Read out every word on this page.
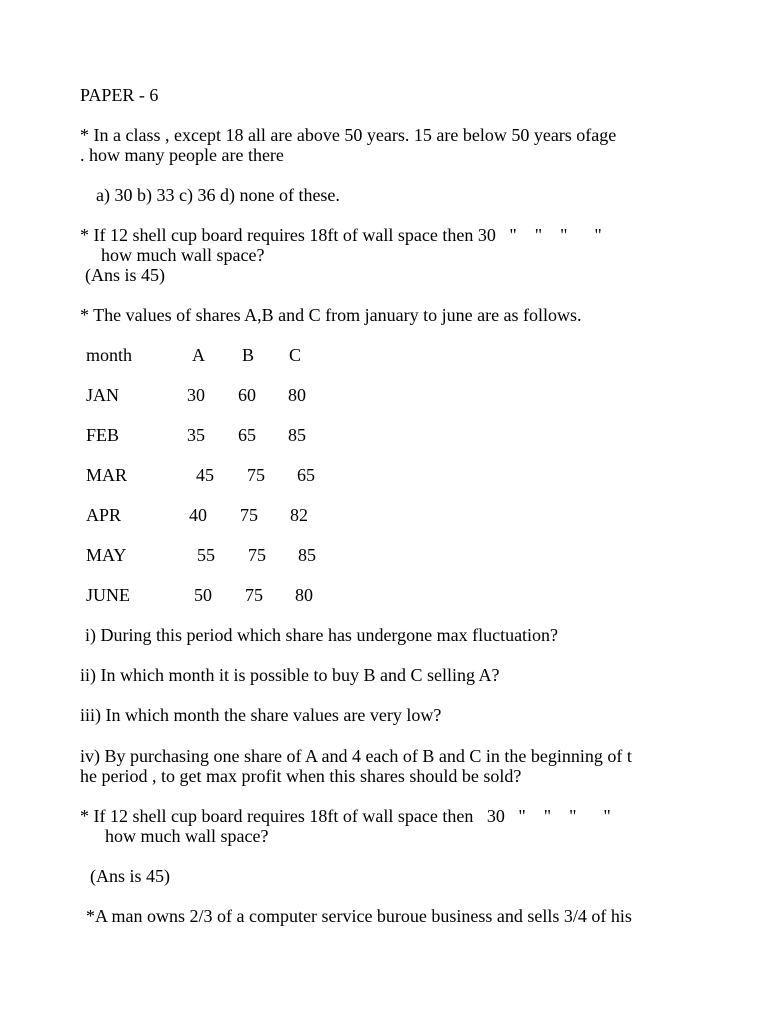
PAPER - 6

* In a class , except 18 all are above 50 years. 15 are below 50 years ofage

. how many people are there

a) 30 b) 33 c) 36 d) none of these.

* If 12 shell cup board requires 18ft of wall space then 30   "    "    "      "

how much wall space?

(Ans is 45)

* The values of shares A,B and C from january to june are as follows.

month	A B C
JAN	30 60 80
FEB	35 65 85
MAR	45 75 65
APR	40 75 82
MAY	55 75 85
JUNE	50 75 80

i) During this period which share has undergone max fluctuation?

ii) In which month it is possible to buy B and C selling A?

iii) In which month the share values are very low?

iv) By purchasing one share of A and 4 each of B and C in the beginning of t

he period , to get max profit when this shares should be sold?

* If 12 shell cup board requires 18ft of wall space then   30   "    "    "      "

how much wall space?

(Ans is 45)

*A man owns 2/3 of a computer service buroue business and sells 3/4 of his
